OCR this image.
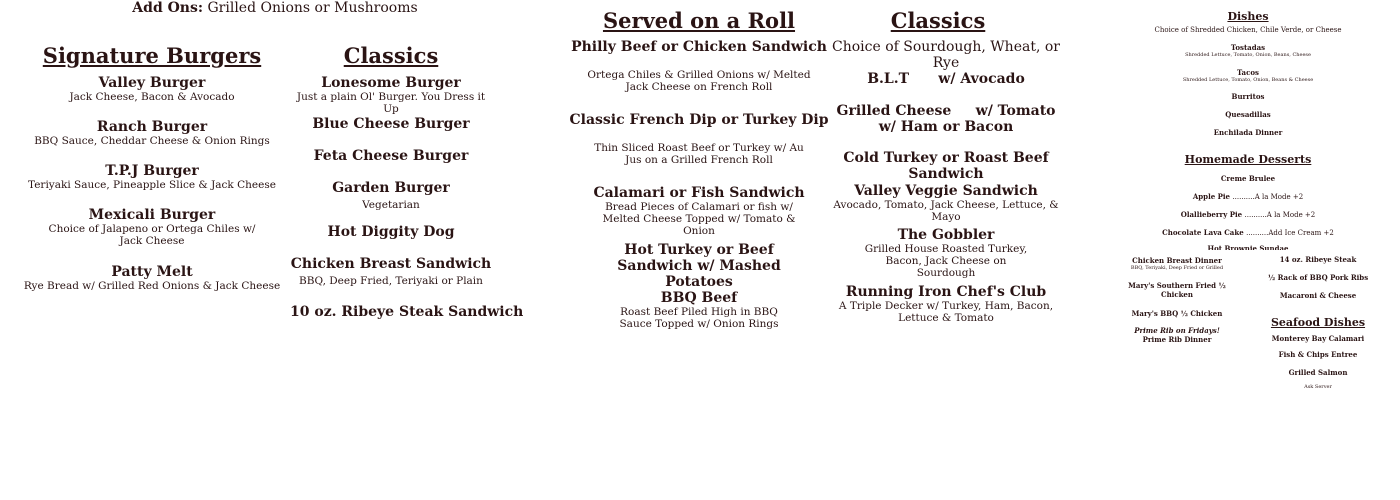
Add Ons: Grilled Onions or Mushrooms
Signature Burgers
Valley Burger
Jack Cheese, Bacon & Avocado
Ranch Burger
BBQ Sauce, Cheddar Cheese & Onion Rings
T.P.J Burger
Teriyaki Sauce, Pineapple Slice & Jack Cheese
Mexicali Burger
Choice of Jalapeno or Ortega Chiles w/ Jack Cheese
Patty Melt
Rye Bread w/ Grilled Red Onions & Jack Cheese
Classics
Lonesome Burger
Just a plain Ol' Burger. You Dress it Up
Blue Cheese Burger
Feta Cheese Burger
Garden Burger
Vegetarian
Hot Diggity Dog
Chicken Breast Sandwich
BBQ, Deep Fried, Teriyaki or Plain
10 oz. Ribeye Steak Sandwich
Served on a Roll
Philly Beef or Chicken Sandwich
Ortega Chiles & Grilled Onions w/ Melted Jack Cheese on French Roll
Classic French Dip or Turkey Dip
Thin Sliced Roast Beef or Turkey w/ Au Jus on a Grilled French Roll
Calamari or Fish Sandwich
Bread Pieces of Calamari or fish w/ Melted Cheese Topped w/ Tomato & Onion
Hot Turkey or Beef Sandwich w/ Mashed Potatoes
BBQ Beef
Roast Beef Piled High in BBQ Sauce Topped w/ Onion Rings
Classics
Choice of Sourdough, Wheat, or Rye
B.L.T      w/ Avocado
Grilled Cheese     w/ Tomato
w/ Ham or Bacon
Cold Turkey or Roast Beef Sandwich
Valley Veggie Sandwich
Avocado, Tomato, Jack Cheese, Lettuce, & Mayo
The Gobbler
Grilled House Roasted Turkey, Bacon, Jack Cheese on Sourdough
Running Iron Chef's Club
A Triple Decker w/ Turkey, Ham, Bacon, Lettuce & Tomato
Dishes
Choice of Shredded Chicken, Chile Verde, or Cheese
Tostadas
Shredded Lettuce, Tomato, Onion, Beans, Cheese
Tacos
Shredded Lettuce, Tomato, Onion, Beans & Cheese
Burritos
Quesadillas
Enchilada Dinner
Homemade Desserts
Creme Brulee
Apple Pie ..........A la Mode +2
Olallieberry Pie ..........A la Mode +2
Chocolate Lava Cake ..........Add Ice Cream +2
Hot Brownie Sundae
Chicken Breast Dinner
BBQ, Teriyaki, Deep Fried or Grilled
Mary's Southern Fried ½ Chicken
Mary's BBQ ½ Chicken
Prime Rib on Fridays!
Prime Rib Dinner
14 oz. Ribeye Steak
½ Rack of BBQ Pork Ribs
Macaroni & Cheese
Seafood Dishes
Monterey Bay Calamari
Fish & Chips Entree
Grilled Salmon
Ask Server
